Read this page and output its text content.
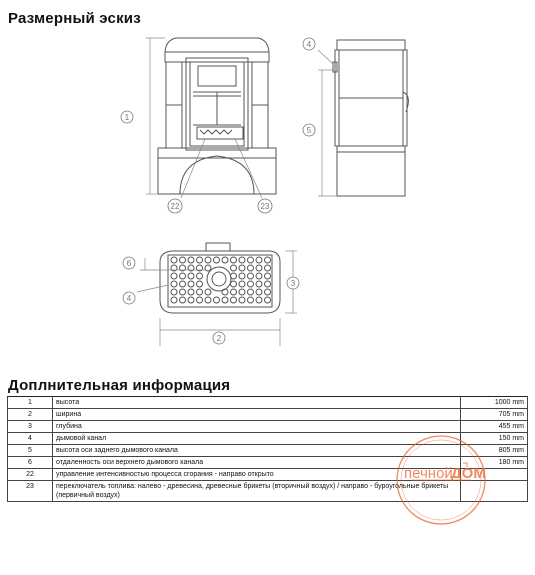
Размерный эскиз
1
22	23
4
5
6
4
3
2
Доплнительная информация
1	высота	1000 mm
2	ширина	705 mm
3	глубина	455 mm
4	дымовой канал	150 mm
5	высота оси заднего дымового канала	805 mm
6	отдаленность оси верхнего дымового канала	180 mm
22	управление интенсивностью процесса сгорания - направо открыто	
23	переключатель топлива: налево - древесина, древесные брикеты (вторичный воздух) / направо - буроугольные брикеты (первичный воздух)	
печной
ДОМ
